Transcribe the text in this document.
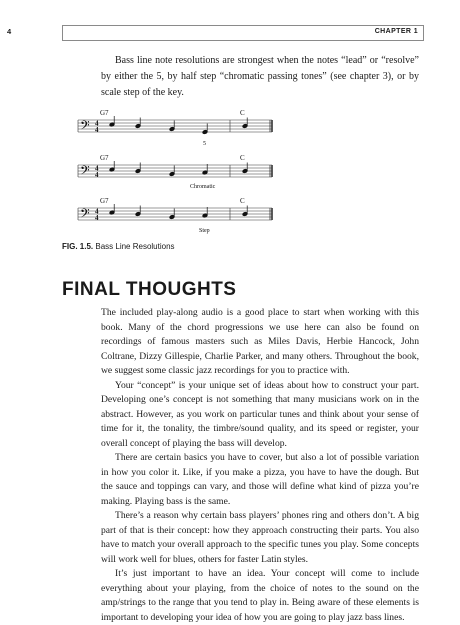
4	CHAPTER 1

Bass line note resolutions are strongest when the notes “lead” or “resolve” by either the 5, by half step “chromatic passing tones” (see chapter 3), or by scale step of the key.

𝄢 4
4
G7	C
5
𝄢 4
4
G7	C
Chromatic
𝄢 4
4
G7	C
Step
FIG. 1.5. Bass Line Resolutions
FINAL THOUGHTS

The included play-along audio is a good place to start when working with this book. Many of the chord progressions we use here can also be found on recordings of famous masters such as Miles Davis, Herbie Hancock, John Coltrane, Dizzy Gillespie, Charlie Parker, and many others. Throughout the book, we suggest some classic jazz recordings for you to practice with.

Your “concept” is your unique set of ideas about how to construct your part. Developing one’s concept is not something that many musicians work on in the abstract. However, as you work on particular tunes and think about your sense of time for it, the tonality, the timbre/sound quality, and its speed or register, your overall concept of playing the bass will develop.

There are certain basics you have to cover, but also a lot of possible variation in how you color it. Like, if you make a pizza, you have to have the dough. But the sauce and toppings can vary, and those will define what kind of pizza you’re making. Playing bass is the same.

There’s a reason why certain bass players’ phones ring and others don’t. A big part of that is their concept: how they approach constructing their parts. You also have to match your overall approach to the specific tunes you play. Some concepts will work well for blues, others for faster Latin styles.

It’s just important to have an idea. Your concept will come to include everything about your playing, from the choice of notes to the sound on the amp/strings to the range that you tend to play in. Being aware of these elements is important to developing your idea of how you are going to play jazz bass lines.
